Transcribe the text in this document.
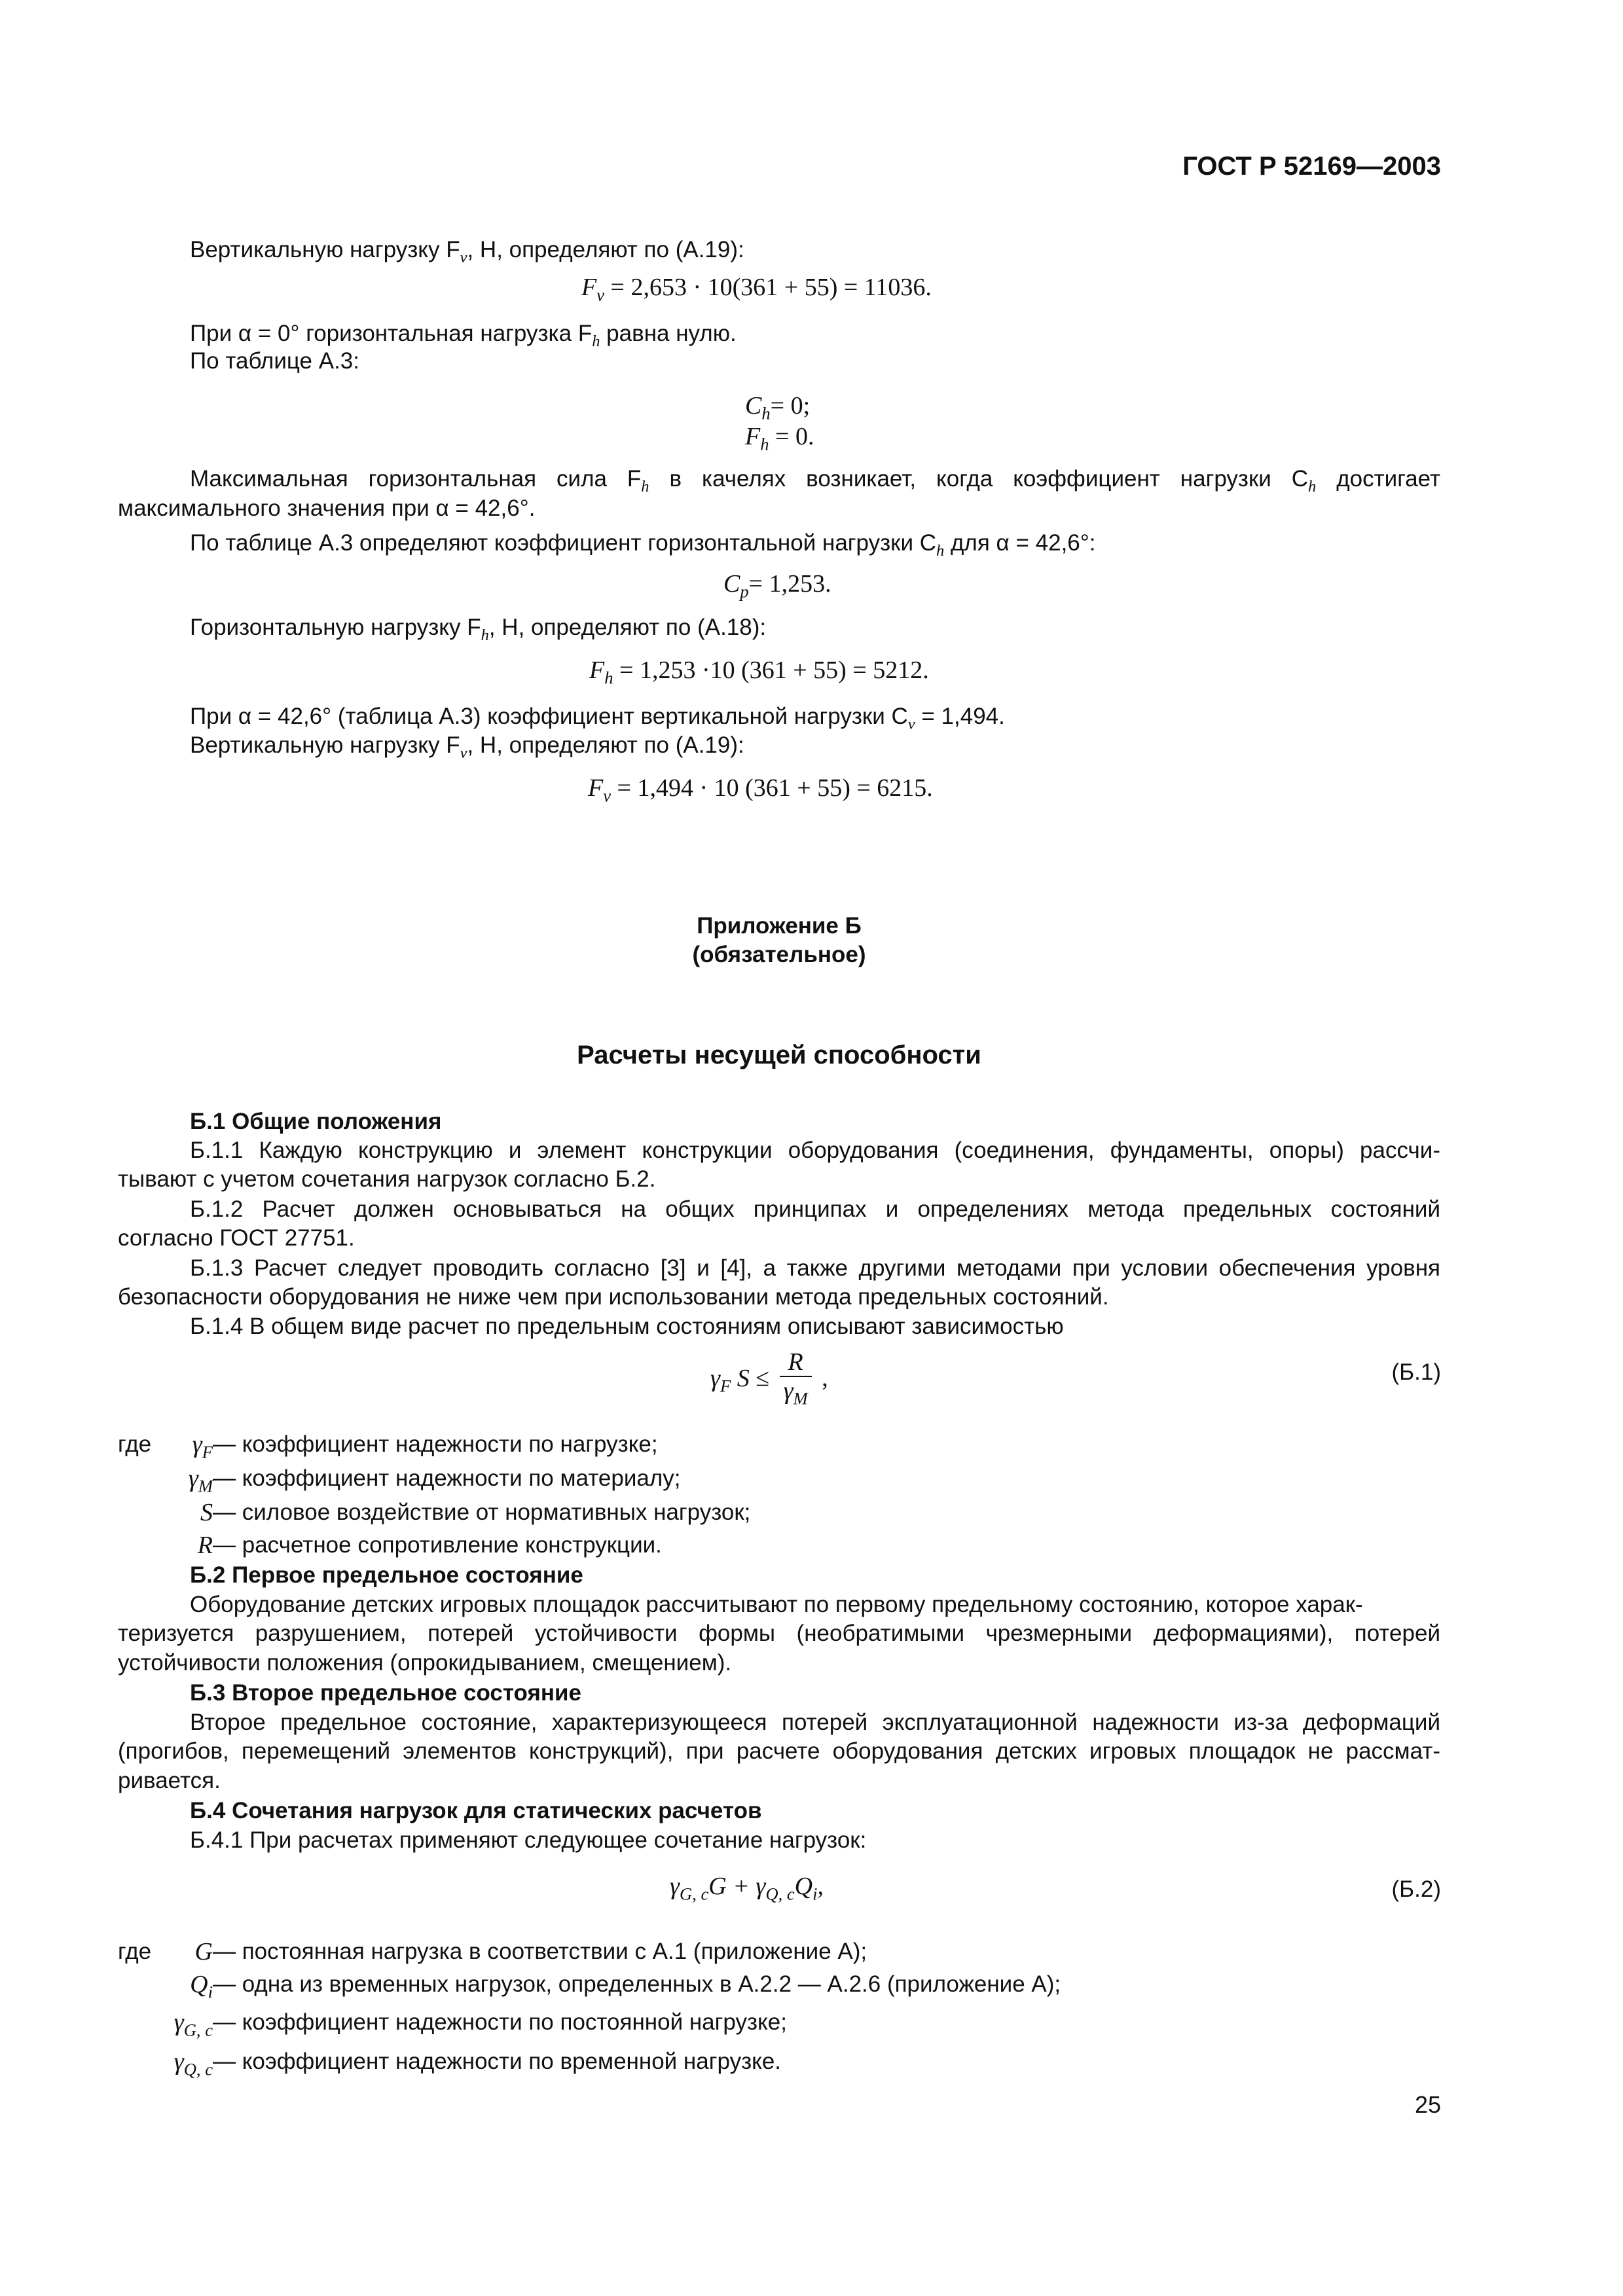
ГОСТ Р 52169—2003
Вертикальную нагрузку $F_v$, Н, определяют по (А.19):
$F_v = 2,653 \cdot 10(361 + 55) = 11036$.
При α = 0° горизонтальная нагрузка $F_h$ равна нулю.
По таблице А.3:
$C_h= 0$;
$F_h = 0$.
Максимальная горизонтальная сила $F_h$ в качелях возникает, когда коэффициент нагрузки $C_h$ достигает
максимального значения при α = 42,6°.
По таблице А.3 определяют коэффициент горизонтальной нагрузки $C_h$ для α = 42,6°:
$C_p= 1,253$.
Горизонтальную нагрузку $F_h$, Н, определяют по (А.18):
$F_h = 1,253 \cdot 10$ (361 + 55) = 5212.
При α = 42,6° (таблица А.3) коэффициент вертикальной нагрузки $C_v = 1,494$.
Вертикальную нагрузку $F_v$, Н, определяют по (А.19):
$F_v = 1,494 \cdot 10$ (361 + 55) = 6215.
Приложение Б
(обязательное)
Расчеты несущей способности
Б.1 Общие положения
Б.1.1 Каждую конструкцию и элемент конструкции оборудования (соединения, фундаменты, опоры) рассчи-
тывают с учетом сочетания нагрузок согласно Б.2.
Б.1.2 Расчет должен основываться на общих принципах и определениях метода предельных состояний
согласно ГОСТ 27751.
Б.1.3 Расчет следует проводить согласно [3] и [4], а также другими методами при условии обеспечения уровня
безопасности оборудования не ниже чем при использовании метода предельных состояний.
Б.1.4 В общем виде расчет по предельным состояниям описывают зависимостью
$\gamma_F$ $S \le \frac{R}{\gamma_M}$ ,	(Б.1)
где	$\gamma_F$ — коэффициент надежности по нагрузке;
$\gamma_M$ — коэффициент надежности по материалу;
S — силовое воздействие от нормативных нагрузок;
R — расчетное сопротивление конструкции.
Б.2 Первое предельное состояние
Оборудование детских игровых площадок рассчитывают по первому предельному состоянию, которое харак-
теризуется разрушением, потерей устойчивости формы (необратимыми чрезмерными деформациями), потерей
устойчивости положения (опрокидыванием, смещением).
Б.3 Второе предельное состояние
Второе предельное состояние, характеризующееся потерей эксплуатационной надежности из-за деформаций
(прогибов, перемещений элементов конструкций), при расчете оборудования детских игровых площадок не рассмат-
ривается.
Б.4 Сочетания нагрузок для статических расчетов
Б.4.1 При расчетах применяют следующее сочетание нагрузок:
$\gamma_{G, c}G + \gamma_{Q, c}Q_i$,	(Б.2)
где	G — постоянная нагрузка в соответствии с А.1 (приложение А);
$Q_i$ — одна из временных нагрузок, определенных в А.2.2 — А.2.6 (приложение А);
$\gamma_{G, c}$ — коэффициент надежности по постоянной нагрузке;
$\gamma_{Q, c}$ — коэффициент надежности по временной нагрузке.
25
